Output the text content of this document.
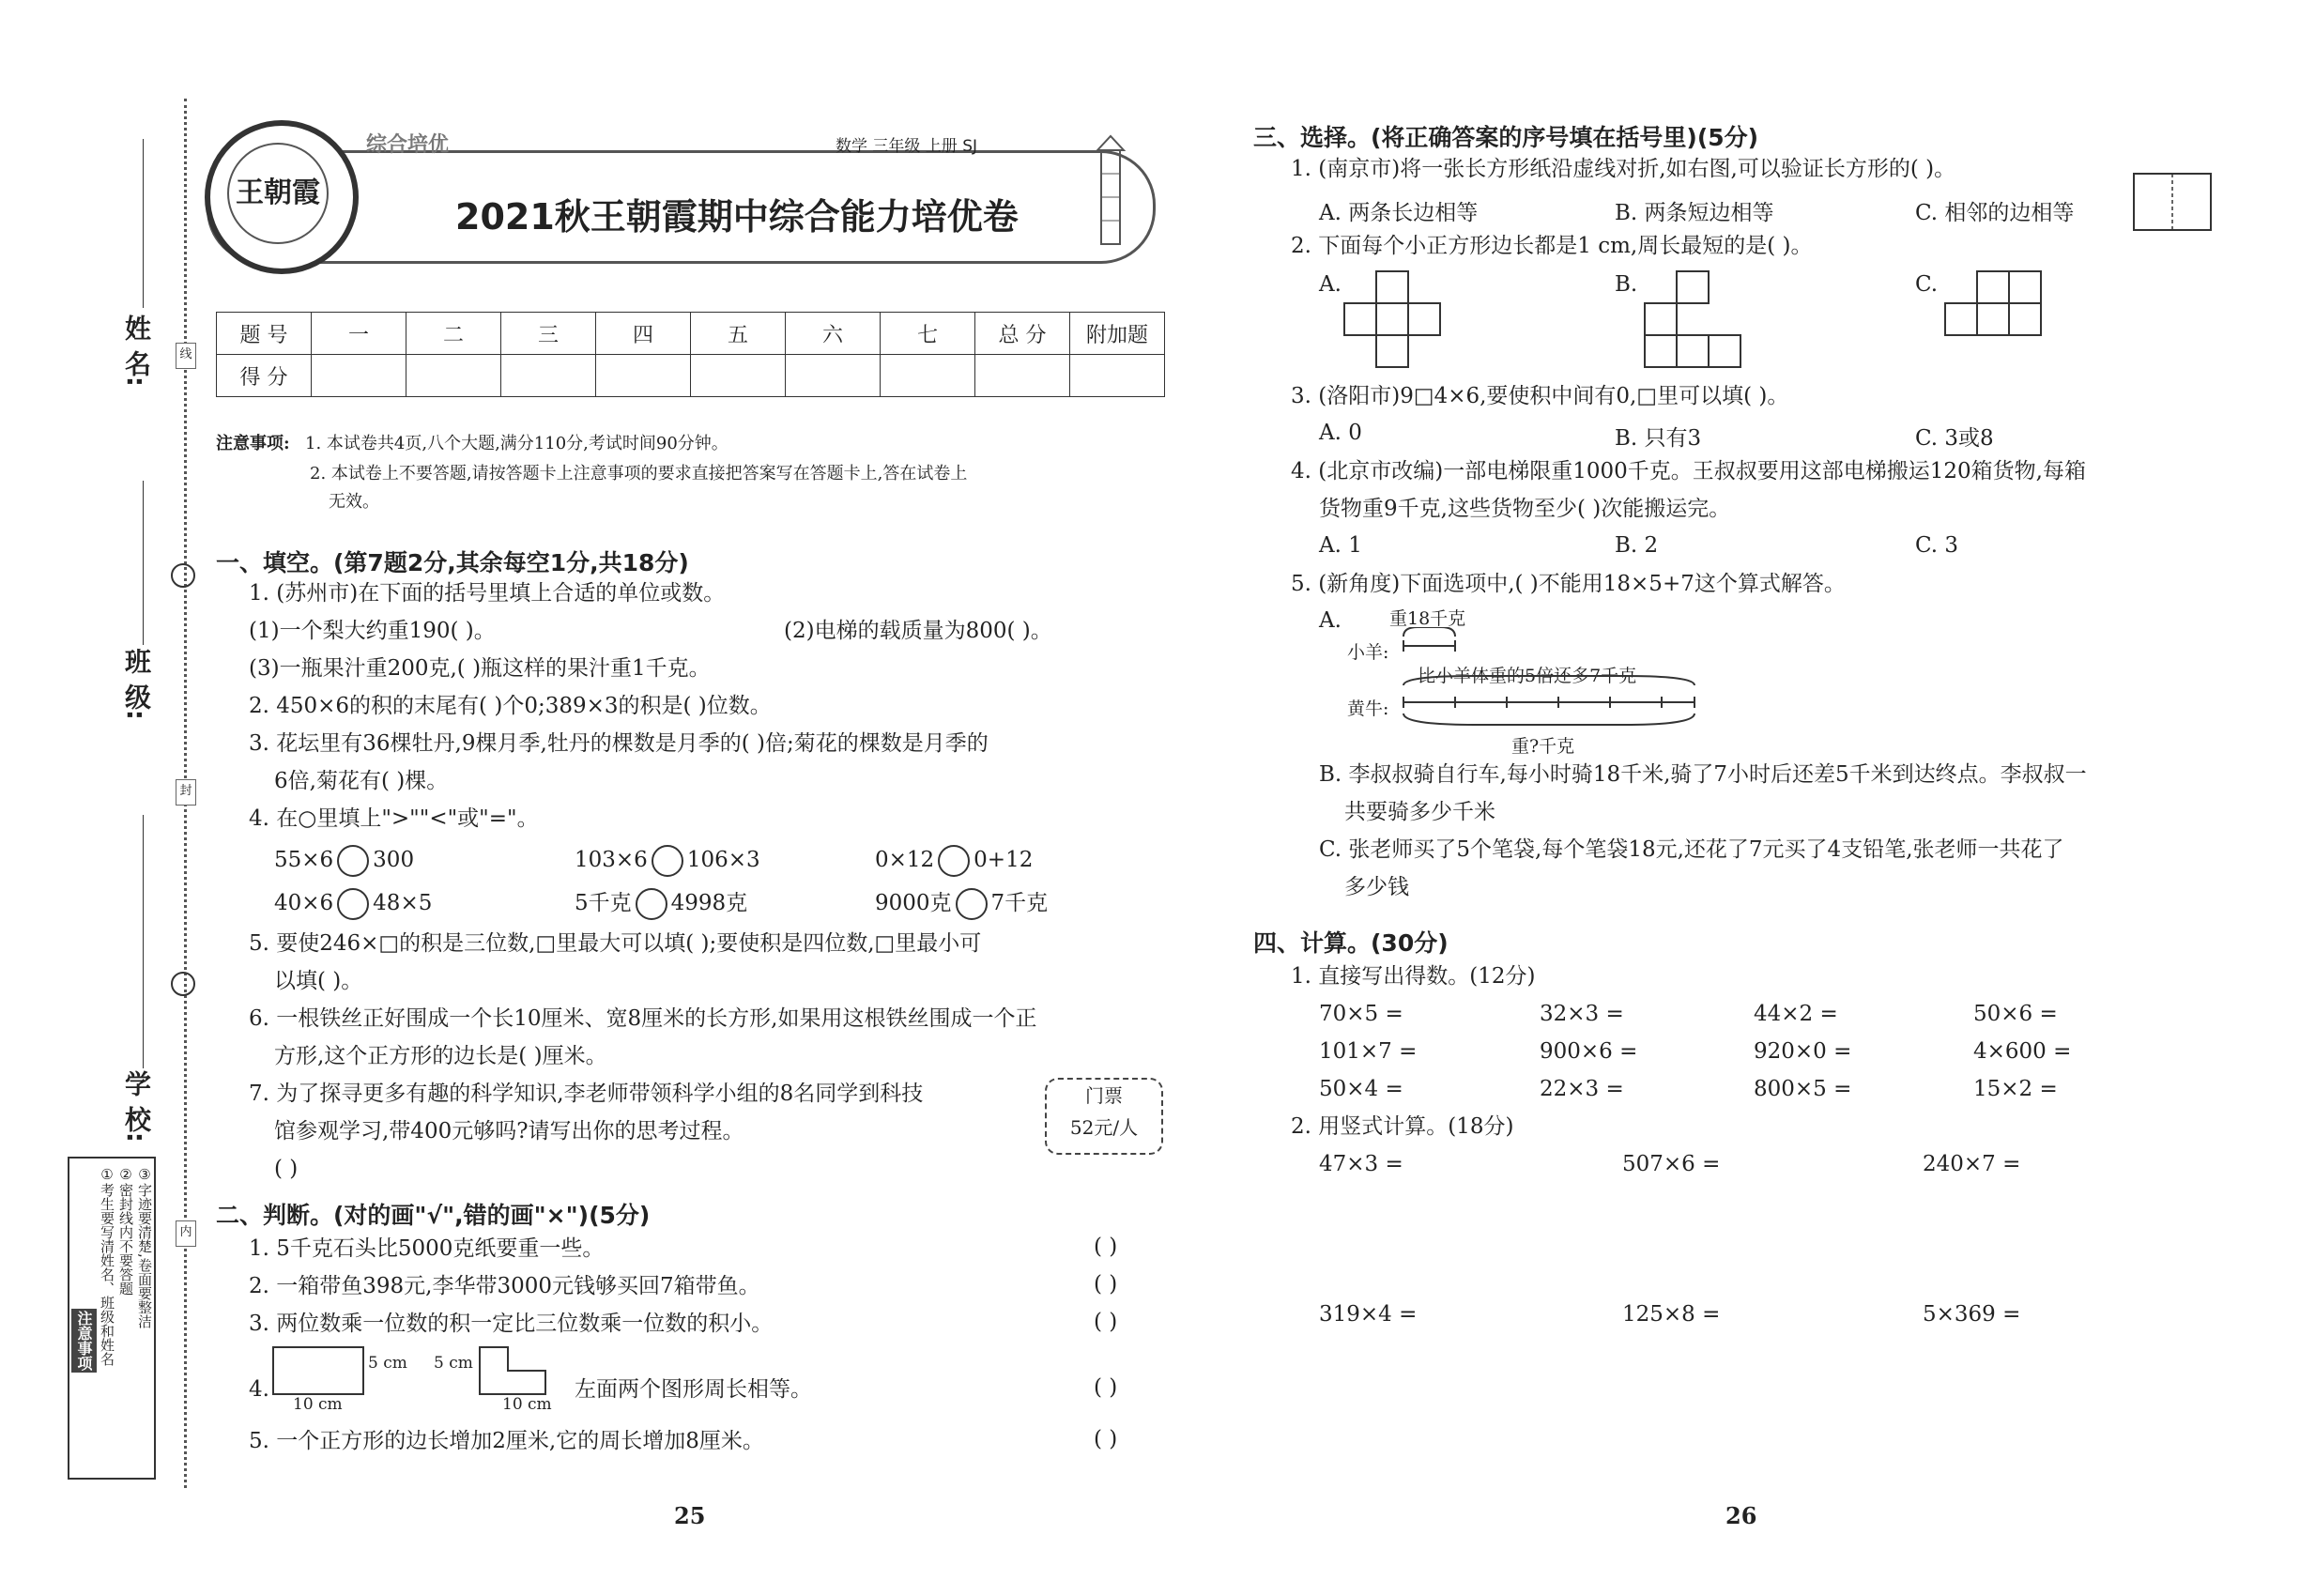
线
封
内
姓 名:
班 级:
学 校:
注意事项 ①考生要写清姓名、班级和姓名 ②密封线内不要答题 ③字迹要清楚,卷面要整洁
王朝霞
综合培优	数学 三年级 上册 SJ
2021秋王朝霞期中综合能力培优卷
题 号	一	二	三	四	五	六	七	总 分	附加题
得 分									
注意事项: 1. 本试卷共4页,八个大题,满分110分,考试时间90分钟。
2. 本试卷上不要答题,请按答题卡上注意事项的要求直接把答案写在答题卡上,答在试卷上
无效。
一、填空。(第7题2分,其余每空1分,共18分)
1. (苏州市)在下面的括号里填上合适的单位或数。
(1)一个梨大约重190( )。	(2)电梯的载质量为800( )。
(3)一瓶果汁重200克,( )瓶这样的果汁重1千克。
2. 450×6的积的末尾有( )个0;389×3的积是( )位数。
3. 花坛里有36棵牡丹,9棵月季,牡丹的棵数是月季的( )倍;菊花的棵数是月季的
6倍,菊花有( )棵。
4. 在○里填上">""<"或"="。
55×6 300	103×6 106×3	0×12 0+12
40×6 48×5	5千克 4998克	9000克 7千克
5. 要使246×□的积是三位数,□里最大可以填( );要使积是四位数,□里最小可
以填( )。
6. 一根铁丝正好围成一个长10厘米、宽8厘米的长方形,如果用这根铁丝围成一个正
方形,这个正方形的边长是( )厘米。
7. 为了探寻更多有趣的科学知识,李老师带领科学小组的8名同学到科技
馆参观学习,带400元够吗?请写出你的思考过程。
( )
门票
52元/人
二、判断。(对的画"√",错的画"×")(5分)
1. 5千克石头比5000克纸要重一些。
2. 一箱带鱼398元,李华带3000元钱够买回7箱带鱼。
3. 两位数乘一位数的积一定比三位数乘一位数的积小。
4.
5. 一个正方形的边长增加2厘米,它的周长增加8厘米。
5 cm
10 cm
5 cm
10 cm
左面两个图形周长相等。
( )
( )
( )
( )
( )
25
三、选择。(将正确答案的序号填在括号里)(5分)
1. (南京市)将一张长方形纸沿虚线对折,如右图,可以验证长方形的( )。
A. 两条长边相等	B. 两条短边相等	C. 相邻的边相等
2. 下面每个小正方形边长都是1 cm,周长最短的是( )。
A.	B.	C.
3. (洛阳市)9□4×6,要使积中间有0,□里可以填( )。
A. 0	B. 只有3	C. 3或8
4. (北京市改编)一部电梯限重1000千克。王叔叔要用这部电梯搬运120箱货物,每箱
货物重9千克,这些货物至少( )次能搬运完。
A. 1	B. 2	C. 3
5. (新角度)下面选项中,( )不能用18×5+7这个算式解答。
A.	重18千克
小羊:
比小羊体重的5倍还多7千克
黄牛:
重?千克
B. 李叔叔骑自行车,每小时骑18千米,骑了7小时后还差5千米到达终点。李叔叔一
共要骑多少千米
C. 张老师买了5个笔袋,每个笔袋18元,还花了7元买了4支铅笔,张老师一共花了
多少钱
四、计算。(30分)
1. 直接写出得数。(12分)
70×5 =	32×3 =	44×2 =	50×6 =
101×7 =	900×6 =	920×0 =	4×600 =
50×4 =	22×3 =	800×5 =	15×2 =
2. 用竖式计算。(18分)
47×3 =	507×6 =	240×7 =
319×4 =	125×8 =	5×369 =
26
